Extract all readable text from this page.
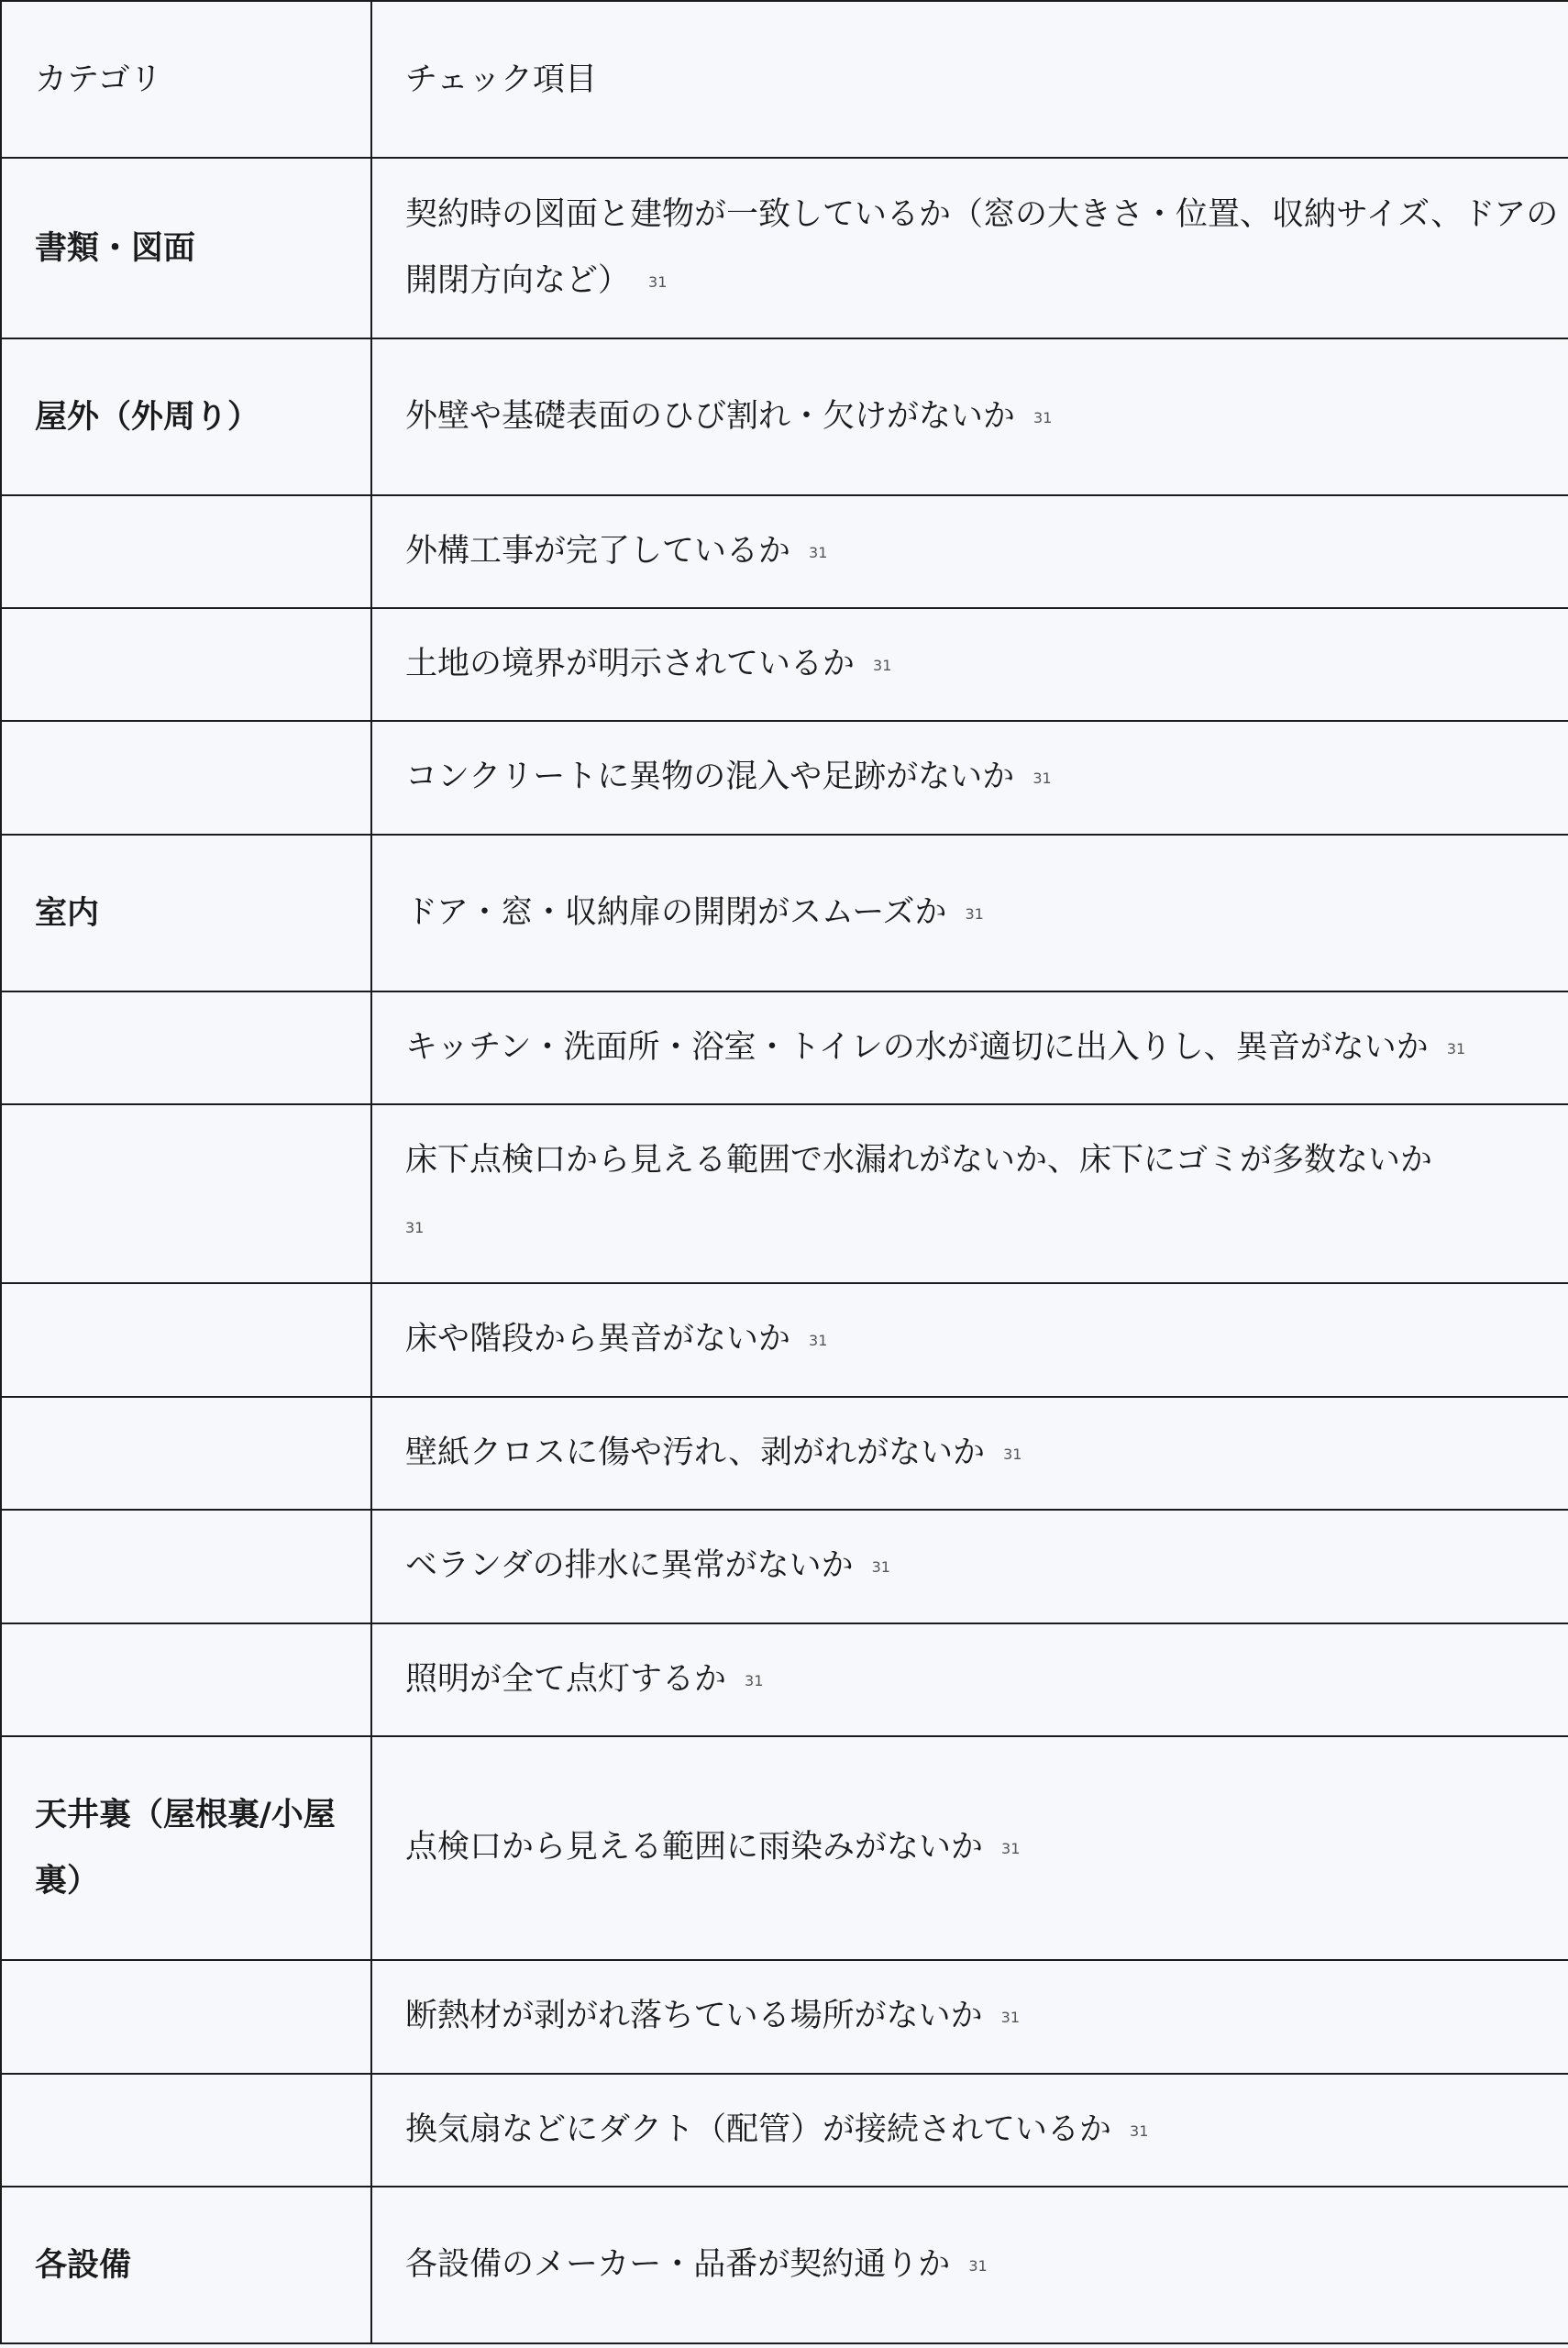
カテゴリ	チェック項目
書類・図面	契約時の図面と建物が一致しているか（窓の大きさ・位置、収納サイズ、ドアの開閉方向など） 31
屋外（外周り）	外壁や基礎表面のひび割れ・欠けがないか 31
	外構工事が完了しているか 31
	土地の境界が明示されているか 31
	コンクリートに異物の混入や足跡がないか 31
室内	ドア・窓・収納扉の開閉がスムーズか 31
	キッチン・洗面所・浴室・トイレの水が適切に出入りし、異音がないか 31
	床下点検口から見える範囲で水漏れがないか、床下にゴミが多数ないか
31
	床や階段から異音がないか 31
	壁紙クロスに傷や汚れ、剥がれがないか 31
	ベランダの排水に異常がないか 31
	照明が全て点灯するか 31
天井裏（屋根裏/小屋裏）	点検口から見える範囲に雨染みがないか 31
	断熱材が剥がれ落ちている場所がないか 31
	換気扇などにダクト（配管）が接続されているか 31
各設備	各設備のメーカー・品番が契約通りか 31
